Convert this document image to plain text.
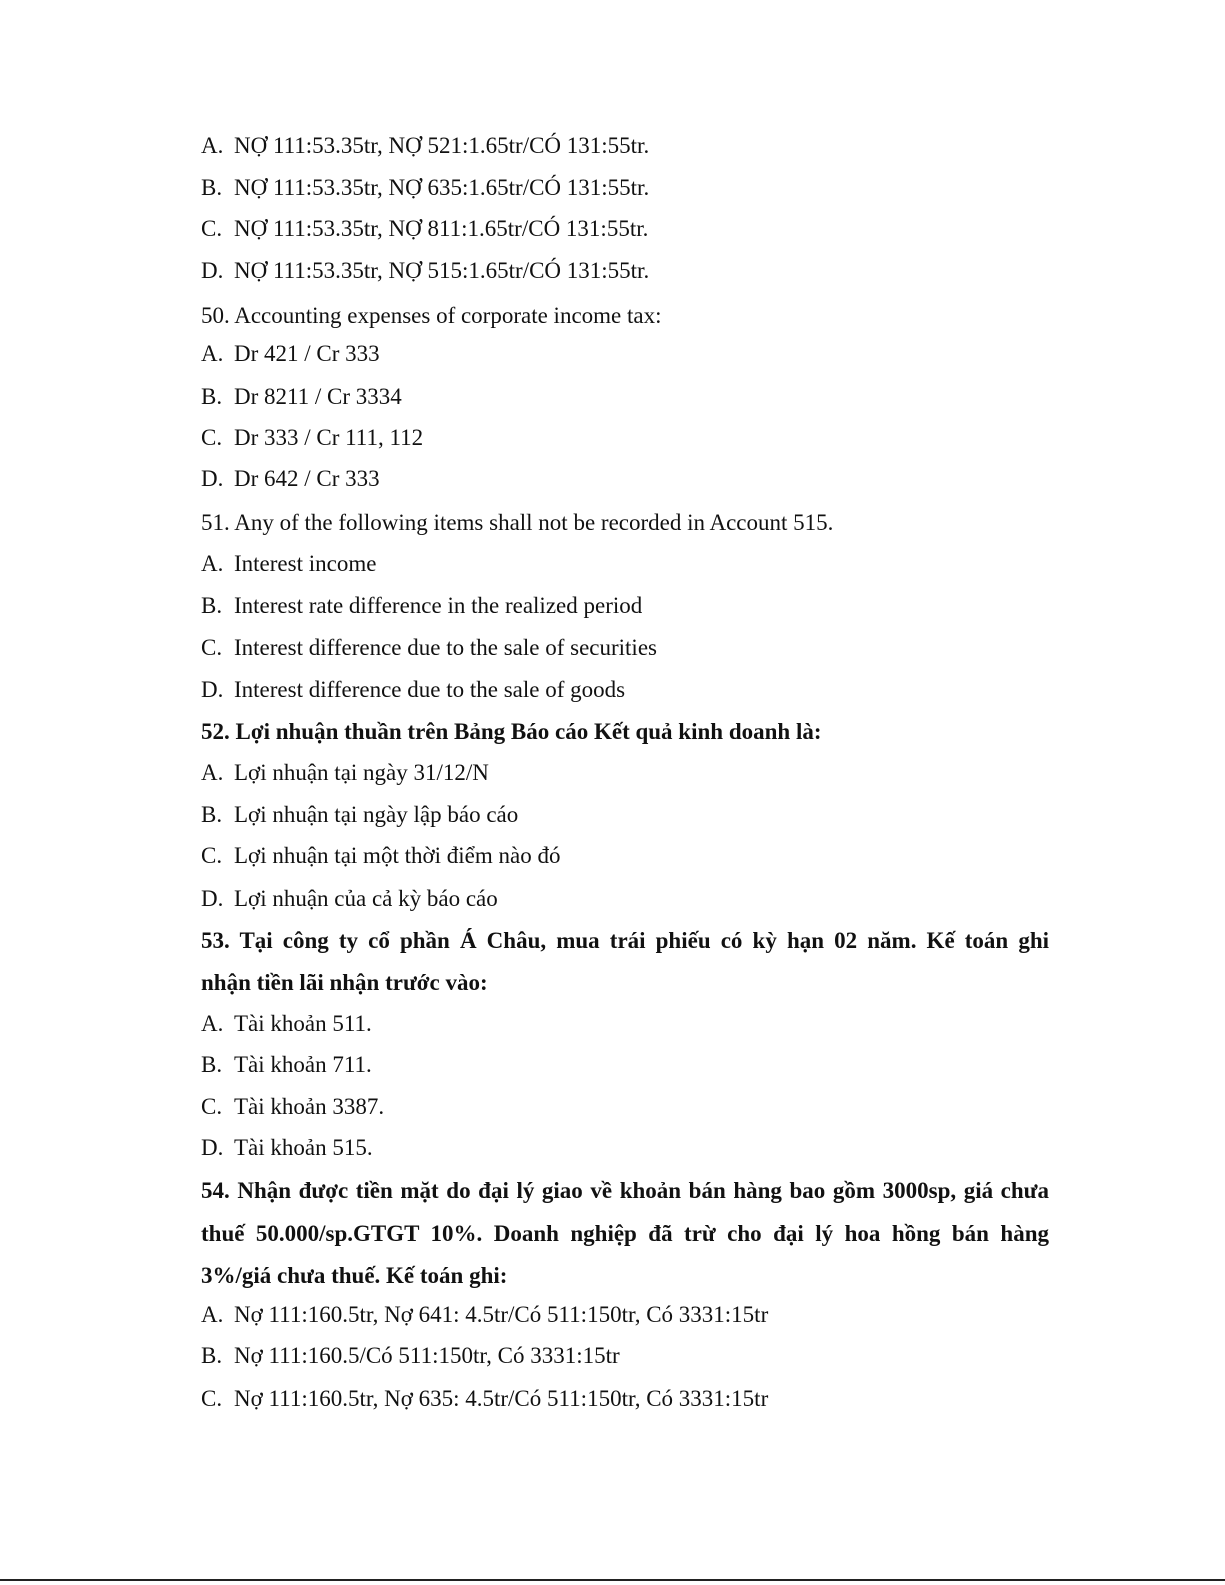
A. NỢ 111:53.35tr, NỢ 521:1.65tr/CÓ 131:55tr.
B. NỢ 111:53.35tr, NỢ 635:1.65tr/CÓ 131:55tr.
C. NỢ 111:53.35tr, NỢ 811:1.65tr/CÓ 131:55tr.
D. NỢ 111:53.35tr, NỢ 515:1.65tr/CÓ 131:55tr.
50. Accounting expenses of corporate income tax:
A. Dr 421 / Cr 333
B. Dr 8211 / Cr 3334
C. Dr 333 / Cr 111, 112
D. Dr 642 / Cr 333
51. Any of the following items shall not be recorded in Account 515.
A. Interest income
B. Interest rate difference in the realized period
C. Interest difference due to the sale of securities
D. Interest difference due to the sale of goods
52. Lợi nhuận thuần trên Bảng Báo cáo Kết quả kinh doanh là:
A. Lợi nhuận tại ngày 31/12/N
B. Lợi nhuận tại ngày lập báo cáo
C. Lợi nhuận tại một thời điểm nào đó
D. Lợi nhuận của cả kỳ báo cáo
53. Tại công ty cổ phần Á Châu, mua trái phiếu có kỳ hạn 02 năm. Kế toán ghi
nhận tiền lãi nhận trước vào:
A. Tài khoản 511.
B. Tài khoản 711.
C. Tài khoản 3387.
D. Tài khoản 515.
54. Nhận được tiền mặt do đại lý giao về khoản bán hàng bao gồm 3000sp, giá chưa
thuế 50.000/sp.GTGT 10%. Doanh nghiệp đã trừ cho đại lý hoa hồng bán hàng
3%/giá chưa thuế. Kế toán ghi:
A. Nợ 111:160.5tr, Nợ 641: 4.5tr/Có 511:150tr, Có 3331:15tr
B. Nợ 111:160.5/Có 511:150tr, Có 3331:15tr
C. Nợ 111:160.5tr, Nợ 635: 4.5tr/Có 511:150tr, Có 3331:15tr
